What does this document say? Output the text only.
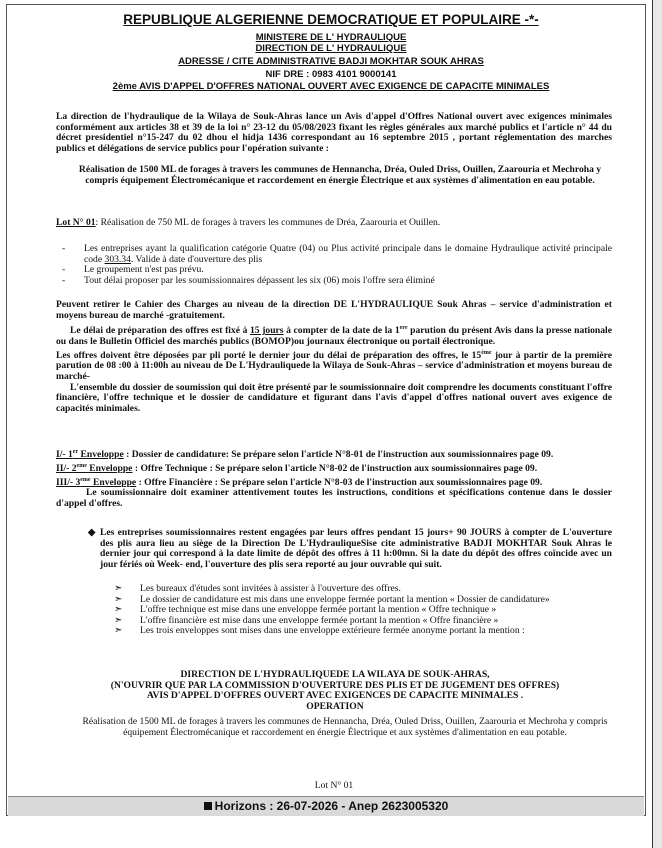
REPUBLIQUE ALGERIENNE DEMOCRATIQUE ET POPULAIRE -*-
MINISTERE DE L' HYDRAULIQUE
DIRECTION DE L' HYDRAULIQUE
ADRESSE / CITE ADMINISTRATIVE BADJI MOKHTAR SOUK AHRAS
NIF DRE : 0983 4101 9000141
2ème AVIS D'APPEL D'OFFRES NATIONAL OUVERT AVEC EXIGENCE DE CAPACITE MINIMALES
La direction de l'hydraulique de la Wilaya de Souk-Ahras lance un Avis d'appel d'Offres National ouvert avec exigences minimales conformément aux articles 38 et 39 de la loi n° 23-12 du 05/08/2023 fixant les règles générales aux marché publics et l'article n° 44 du décret presidentiel n°15-247 du 02 dhou el hidja 1436 correspondant au 16 septembre 2015 , portant réglementation des marches publics et délégations de service publics pour l'opération suivante :
Réalisation de 1500 ML de forages à travers les communes de Hennancha, Dréa, Ouled Driss, Ouillen, Zaarouria et Mechroha y compris équipement Électromécanique et raccordement en énergie Électrique et aux systèmes d'alimentation en eau potable.
Lot N° 01: Réalisation de 750 ML de forages à travers les communes de Dréa, Zaarouria et Ouillen.
- Les entreprises ayant la qualification catégorie Quatre (04) ou Plus activité principale dans le domaine Hydraulique activité principale code 303.34. Valide à date d'ouverture des plis
- Le groupement n'est pas prévu.
- Tout délai proposer par les soumissionnaires dépassent les six (06) mois l'offre sera éliminé
Peuvent retirer le Cahier des Charges au niveau de la direction DE L'HYDRAULIQUE Souk Ahras – service d'administration et moyens bureau de marché -gratuitement.
Le délai de préparation des offres est fixé à 15 jours à compter de la date de la 1ere parution du présent Avis dans la presse nationale ou dans le Bulletin Officiel des marchés publics (BOMOP)ou journaux électronique ou portail électronique.
Les offres doivent être déposées par pli porté le dernier jour du délai de préparation des offres, le 15ème jour à partir de la première parution de 08 :00 à 11:00h au niveau de De L'Hydrauliquede la Wilaya de Souk-Ahras – service d'administration et moyens bureau de marché-
L'ensemble du dossier de soumission qui doit être présenté par le soumissionnaire doit comprendre les documents constituant l'offre financière, l'offre technique et le dossier de candidature et figurant dans l'avis d'appel d'offres national ouvert aves exigence de capacités minimales.
I/- 1er Enveloppe : Dossier de candidature: Se prépare selon l'article N°8-01 de l'instruction aux soumissionnaires page 09.
II/- 2eme Enveloppe : Offre Technique : Se prépare selon l'article N°8-02 de l'instruction aux soumissionnaires page 09.
III/- 3eme Enveloppe : Offre Financière : Se prépare selon l'article N°8-03 de l'instruction aux soumissionnaires page 09.
Le soumissionnaire doit examiner attentivement toutes les instructions, conditions et spécifications contenue dans le dossier d'appel d'offres.
◆ Les entreprises soumissionnaires restent engagées par leurs offres pendant 15 jours+ 90 JOURS à compter de L'ouverture des plis aura lieu au siège de la Direction De L'HydrauliqueSise cite administrative BADJI MOKHTAR Souk Ahras le dernier jour qui correspond à la date limite de dépôt des offres à 11 h:00mn. Si la date du dépôt des offres coïncide avec un jour fériés où Week- end, l'ouverture des plis sera reporté au jour ouvrable qui suit.
➣ Les bureaux d'études sont invitées à assister à l'ouverture des offres.
➣ Le dossier de candidature est mis dans une enveloppe fermée portant la mention « Dossier de candidature»
➣ L'offre technique est mise dans une enveloppe fermée portant la mention « Offre technique »
➣ L'offre financière est mise dans une enveloppe fermée portant la mention « Offre financière »
➣ Les trois enveloppes sont mises dans une enveloppe extérieure fermée anonyme portant la mention :
DIRECTION DE L'HYDRAULIQUEDE LA WILAYA DE SOUK-AHRAS,
(N'OUVRIR QUE PAR LA COMMISSION D'OUVERTURE DES PLIS ET DE JUGEMENT DES OFFRES)
AVIS D'APPEL D'OFFRES OUVERT AVEC EXIGENCES DE CAPACITE MINIMALES .
OPERATION
Réalisation de 1500 ML de forages à travers les communes de Hennancha, Dréa, Ouled Driss, Ouillen, Zaarouria et Mechroha y compris équipement Électromécanique et raccordement en énergie Électrique et aux systèmes d'alimentation en eau potable.
Lot N° 01
Horizons : 26-07-2026 - Anep 2623005320
